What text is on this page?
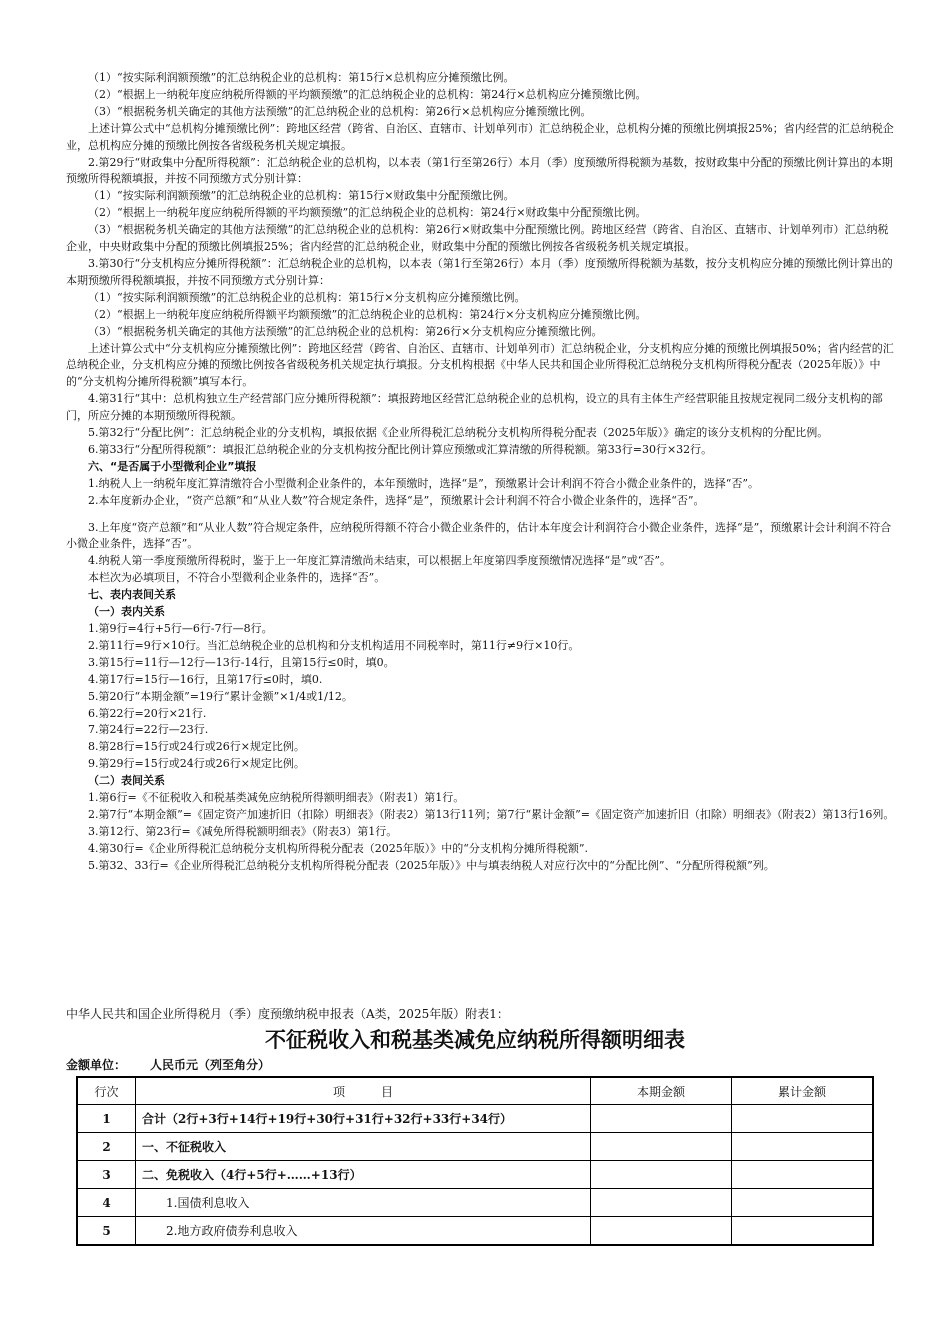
（1）“按实际利润额预缴”的汇总纳税企业的总机构：第15行×总机构应分摊预缴比例。

（2）“根据上一纳税年度应纳税所得额的平均额预缴”的汇总纳税企业的总机构：第24行×总机构应分摊预缴比例。

（3）“根据税务机关确定的其他方法预缴”的汇总纳税企业的总机构：第26行×总机构应分摊预缴比例。

上述计算公式中“总机构分摊预缴比例”：跨地区经营（跨省、自治区、直辖市、计划单列市）汇总纳税企业，总机构分摊的预缴比例填报25%；省内经营的汇总纳税企业，总机构应分摊的预缴比例按各省级税务机关规定填报。

2.第29行“财政集中分配所得税额”：汇总纳税企业的总机构，以本表（第1行至第26行）本月（季）度预缴所得税额为基数，按财政集中分配的预缴比例计算出的本期预缴所得税额填报，并按不同预缴方式分别计算：

（1）“按实际利润额预缴”的汇总纳税企业的总机构：第15行×财政集中分配预缴比例。

（2）“根据上一纳税年度应纳税所得额的平均额预缴”的汇总纳税企业的总机构：第24行×财政集中分配预缴比例。

（3）“根据税务机关确定的其他方法预缴”的汇总纳税企业的总机构：第26行×财政集中分配预缴比例。跨地区经营（跨省、自治区、直辖市、计划单列市）汇总纳税企业，中央财政集中分配的预缴比例填报25%；省内经营的汇总纳税企业，财政集中分配的预缴比例按各省级税务机关规定填报。

3.第30行“分支机构应分摊所得税额”：汇总纳税企业的总机构，以本表（第1行至第26行）本月（季）度预缴所得税额为基数，按分支机构应分摊的预缴比例计算出的本期预缴所得税额填报，并按不同预缴方式分别计算：

（1）“按实际利润额预缴”的汇总纳税企业的总机构：第15行×分支机构应分摊预缴比例。

（2）“根据上一纳税年度应纳税所得额平均额预缴”的汇总纳税企业的总机构：第24行×分支机构应分摊预缴比例。

（3）“根据税务机关确定的其他方法预缴”的汇总纳税企业的总机构：第26行×分支机构应分摊预缴比例。

上述计算公式中“分支机构应分摊预缴比例”：跨地区经营（跨省、自治区、直辖市、计划单列市）汇总纳税企业，分支机构应分摊的预缴比例填报50%；省内经营的汇总纳税企业，分支机构应分摊的预缴比例按各省级税务机关规定执行填报。分支机构根据《中华人民共和国企业所得税汇总纳税分支机构所得税分配表（2025年版）》中的“分支机构分摊所得税额”填写本行。

4.第31行“其中：总机构独立生产经营部门应分摊所得税额”：填报跨地区经营汇总纳税企业的总机构，设立的具有主体生产经营职能且按规定视同二级分支机构的部门，所应分摊的本期预缴所得税额。

5.第32行“分配比例”：汇总纳税企业的分支机构，填报依据《企业所得税汇总纳税分支机构所得税分配表（2025年版）》确定的该分支机构的分配比例。

6.第33行“分配所得税额”：填报汇总纳税企业的分支机构按分配比例计算应预缴或汇算清缴的所得税额。第33行=30行×32行。

六、“是否属于小型微利企业”填报

1.纳税人上一纳税年度汇算清缴符合小型微利企业条件的，本年预缴时，选择“是”，预缴累计会计利润不符合小微企业条件的，选择“否”。

2.本年度新办企业，“资产总额”和“从业人数”符合规定条件，选择“是”，预缴累计会计利润不符合小微企业条件的，选择“否”。

3.上年度“资产总额”和“从业人数”符合规定条件，应纳税所得额不符合小微企业条件的，估计本年度会计利润符合小微企业条件，选择“是”，预缴累计会计利润不符合小微企业条件，选择“否”。

4.纳税人第一季度预缴所得税时，鉴于上一年度汇算清缴尚未结束，可以根据上年度第四季度预缴情况选择“是”或“否”。

本栏次为必填项目，不符合小型微利企业条件的，选择“否”。

七、表内表间关系

（一）表内关系

1.第9行=4行+5行—6行-7行—8行。

2.第11行=9行×10行。当汇总纳税企业的总机构和分支机构适用不同税率时，第11行≠9行×10行。

3.第15行=11行—12行—13行-14行，且第15行≤0时，填0。

4.第17行=15行—16行，且第17行≤0时，填0.

5.第20行“本期金额”=19行“累计金额”×1/4或1/12。

6.第22行=20行×21行.

7.第24行=22行—23行.

8.第28行=15行或24行或26行×规定比例。

9.第29行=15行或24行或26行×规定比例。

（二）表间关系

1.第6行=《不征税收入和税基类减免应纳税所得额明细表》（附表1）第1行。

2.第7行“本期金额”=《固定资产加速折旧（扣除）明细表》（附表2）第13行11列；第7行“累计金额”=《固定资产加速折旧（扣除）明细表》（附表2）第13行16列。

3.第12行、第23行=《减免所得税额明细表》（附表3）第1行。

4.第30行=《企业所得税汇总纳税分支机构所得税分配表（2025年版）》中的“分支机构分摊所得税额”.

5.第32、33行=《企业所得税汇总纳税分支机构所得税分配表（2025年版）》中与填表纳税人对应行次中的“分配比例”、“分配所得税额”列。

中华人民共和国企业所得税月（季）度预缴纳税申报表（A类，2025年版）附表1：
不征税收入和税基类减免应纳税所得额明细表
金额单位： 人民币元（列至角分）
行次	项　　　目	本期金额	累计金额
1	合计（2行+3行+14行+19行+30行+31行+32行+33行+34行）		
2	一、不征税收入		
3	二、免税收入（4行+5行+……+13行）		
4	1.国债利息收入		
5	2.地方政府债券利息收入		
